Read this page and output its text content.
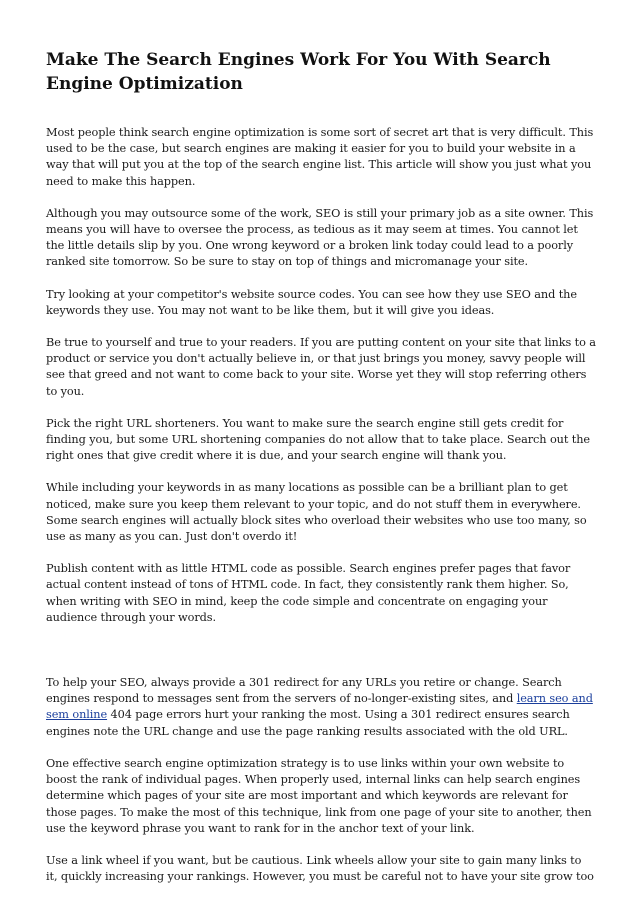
Make The Search Engines Work For You With Search Engine Optimization

Most people think search engine optimization is some sort of secret art that is very difficult. This used to be the case, but search engines are making it easier for you to build your website in a way that will put you at the top of the search engine list. This article will show you just what you need to make this happen.

Although you may outsource some of the work, SEO is still your primary job as a site owner. This means you will have to oversee the process, as tedious as it may seem at times. You cannot let the little details slip by you. One wrong keyword or a broken link today could lead to a poorly ranked site tomorrow. So be sure to stay on top of things and micromanage your site.

Try looking at your competitor's website source codes. You can see how they use SEO and the keywords they use. You may not want to be like them, but it will give you ideas.

Be true to yourself and true to your readers. If you are putting content on your site that links to a product or service you don't actually believe in, or that just brings you money, savvy people will see that greed and not want to come back to your site. Worse yet they will stop referring others to you.

Pick the right URL shorteners. You want to make sure the search engine still gets credit for finding you, but some URL shortening companies do not allow that to take place. Search out the right ones that give credit where it is due, and your search engine will thank you.

While including your keywords in as many locations as possible can be a brilliant plan to get noticed, make sure you keep them relevant to your topic, and do not stuff them in everywhere. Some search engines will actually block sites who overload their websites who use too many, so use as many as you can. Just don't overdo it!

Publish content with as little HTML code as possible. Search engines prefer pages that favor actual content instead of tons of HTML code. In fact, they consistently rank them higher. So, when writing with SEO in mind, keep the code simple and concentrate on engaging your audience through your words.

To help your SEO, always provide a 301 redirect for any URLs you retire or change. Search engines respond to messages sent from the servers of no-longer-existing sites, and learn seo and sem online 404 page errors hurt your ranking the most. Using a 301 redirect ensures search engines note the URL change and use the page ranking results associated with the old URL.

One effective search engine optimization strategy is to use links within your own website to boost the rank of individual pages. When properly used, internal links can help search engines determine which pages of your site are most important and which keywords are relevant for those pages. To make the most of this technique, link from one page of your site to another, then use the keyword phrase you want to rank for in the anchor text of your link.

Use a link wheel if you want, but be cautious. Link wheels allow your site to gain many links to it, quickly increasing your rankings. However, you must be careful not to have your site grow too
